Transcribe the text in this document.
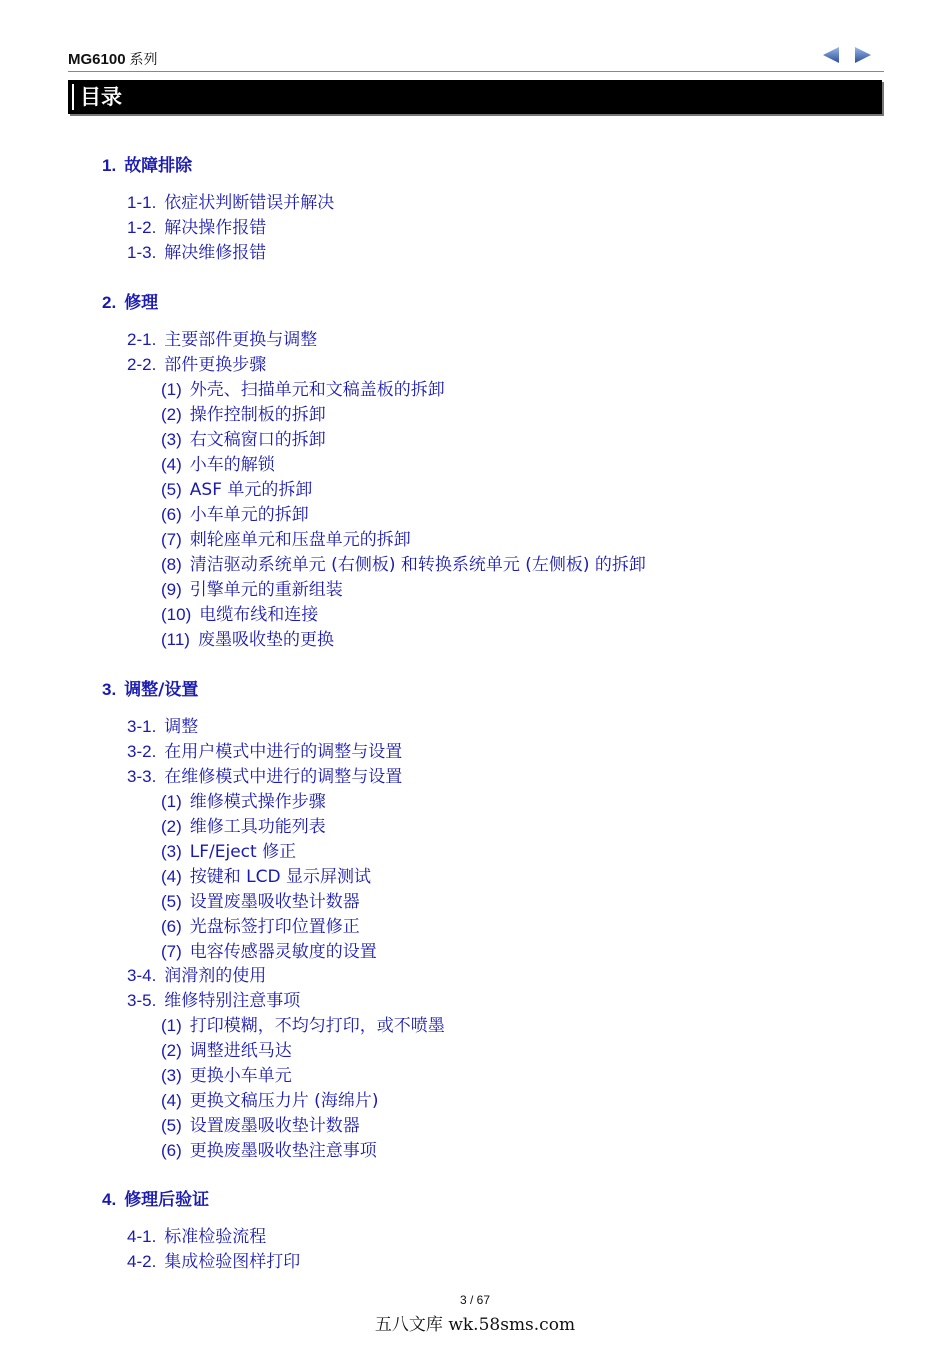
MG6100 系列
目录
1. 故障排除
1-1. 依症状判断错误并解决
1-2. 解决操作报错
1-3. 解决维修报错
2. 修理
2-1. 主要部件更换与调整
2-2. 部件更换步骤
(1) 外壳、扫描单元和文稿盖板的拆卸
(2) 操作控制板的拆卸
(3) 右文稿窗口的拆卸
(4) 小车的解锁
(5) ASF 单元的拆卸
(6) 小车单元的拆卸
(7) 刺轮座单元和压盘单元的拆卸
(8) 清洁驱动系统单元 (右侧板) 和转换系统单元 (左侧板) 的拆卸
(9) 引擎单元的重新组装
(10) 电缆布线和连接
(11) 废墨吸收垫的更换
3. 调整/设置
3-1. 调整
3-2. 在用户模式中进行的调整与设置
3-3. 在维修模式中进行的调整与设置
(1) 维修模式操作步骤
(2) 维修工具功能列表
(3) LF/Eject 修正
(4) 按键和 LCD 显示屏测试
(5) 设置废墨吸收垫计数器
(6) 光盘标签打印位置修正
(7) 电容传感器灵敏度的设置
3-4. 润滑剂的使用
3-5. 维修特别注意事项
(1) 打印模糊，不均匀打印，或不喷墨
(2) 调整进纸马达
(3) 更换小车单元
(4) 更换文稿压力片 (海绵片)
(5) 设置废墨吸收垫计数器
(6) 更换废墨吸收垫注意事项
4. 修理后验证
4-1. 标准检验流程
4-2. 集成检验图样打印
3 / 67
五八文库 wk.58sms.com
